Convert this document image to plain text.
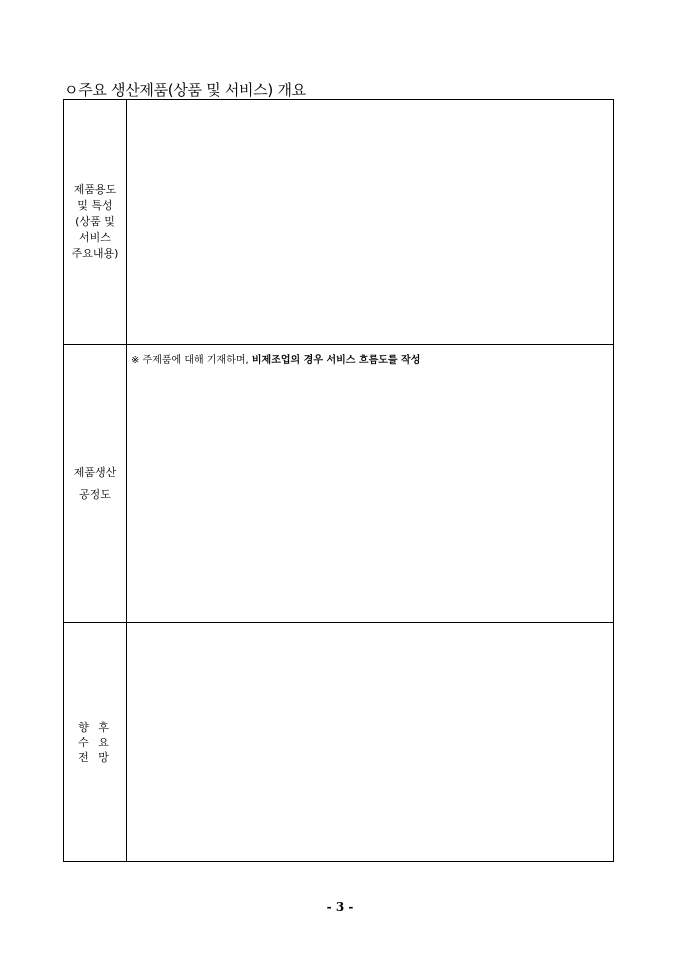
ㅇ주요 생산제품(상품 및 서비스) 개요
제품용도
및 특성
(상품 및
서비스
주요내용)
제품생산
공정도
※ 주제품에 대해 기재하며, 비제조업의 경우 서비스 흐름도를 작성
향 후
수 요
전 망
- 3 -
